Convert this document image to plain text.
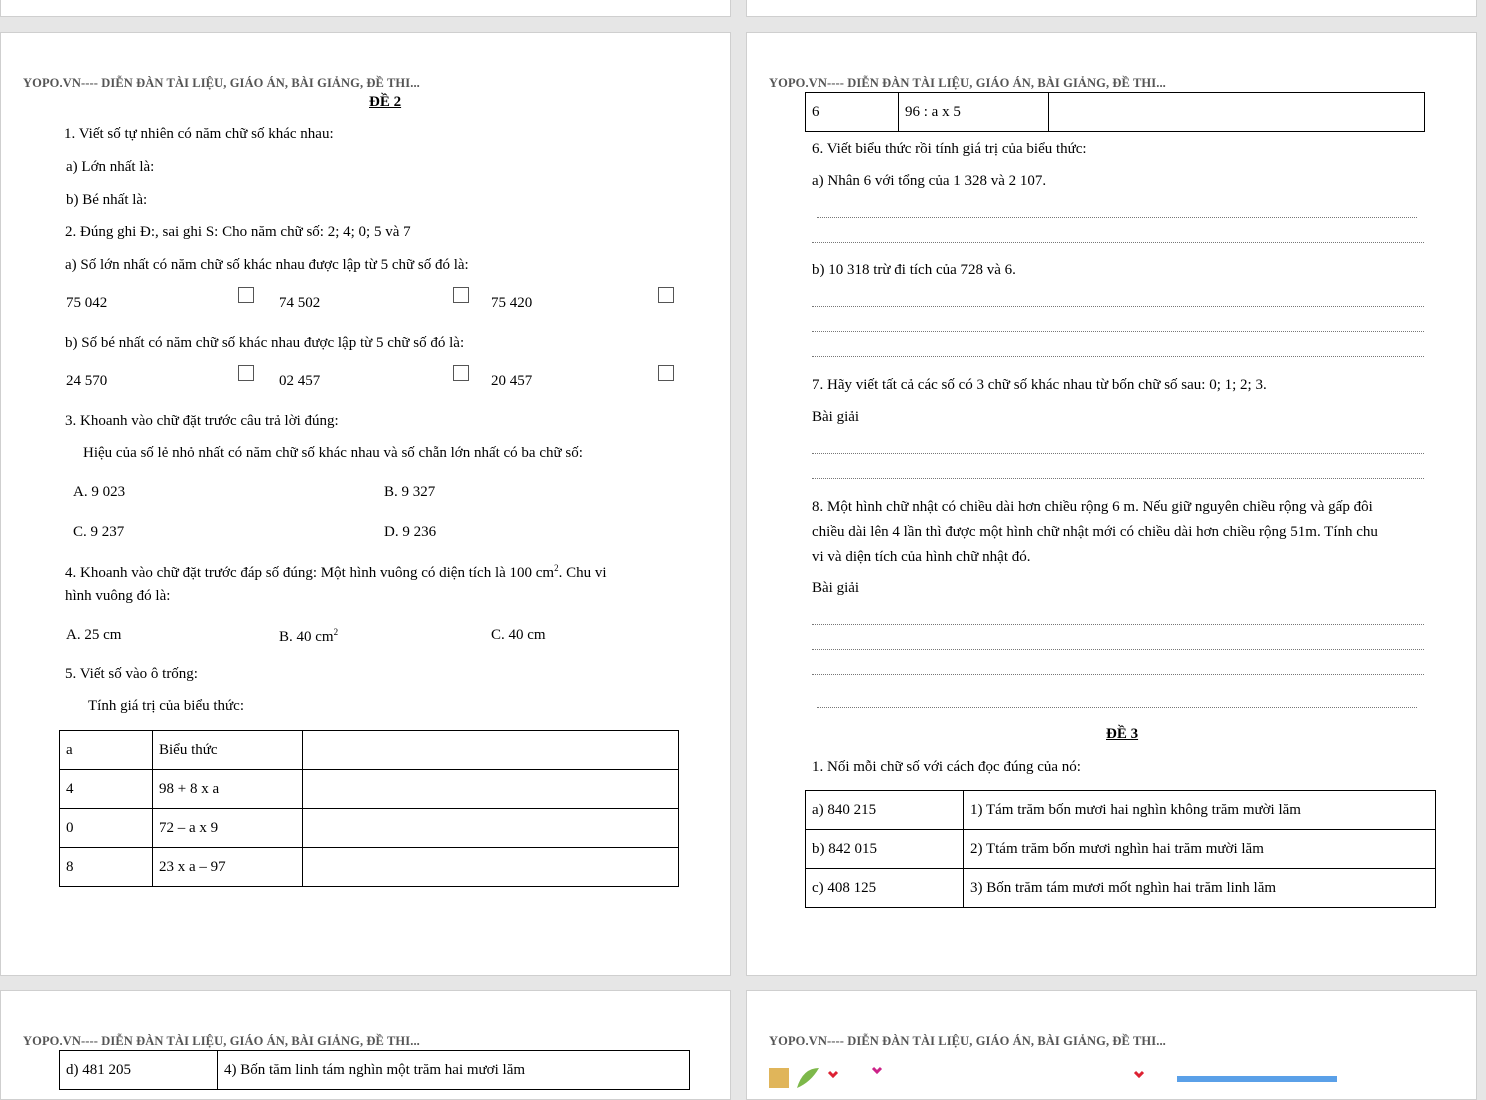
YOPO.VN---- DIỄN ĐÀN TÀI LIỆU, GIÁO ÁN, BÀI GIẢNG, ĐỀ THI...
ĐỀ 2
1. Viết số tự nhiên có năm chữ số khác nhau:
a) Lớn nhất là:
b) Bé nhất là:
2. Đúng ghi Đ:, sai ghi S: Cho năm chữ số: 2; 4; 0; 5 và 7
a) Số lớn nhất có năm chữ số khác nhau được lập từ 5 chữ số đó là:
75 042	74 502	75 420
b) Số bé nhất có năm chữ số khác nhau được lập từ 5 chữ số đó là:
24 570	02 457	20 457
3. Khoanh vào chữ đặt trước câu trả lời đúng:
Hiệu của số lẻ nhỏ nhất có năm chữ số khác nhau và số chẵn lớn nhất có ba chữ số:
A. 9 023	B. 9 327
C. 9 237	D. 9 236
4. Khoanh vào chữ đặt trước đáp số đúng: Một hình vuông có diện tích là 100 $cm^2$. Chu vi
hình vuông đó là:
A. 25 cm	B. 40 $cm^2$	C. 40 cm
5. Viết số vào ô trống:
Tính giá trị của biểu thức:
a	Biểu thức	
4	98 + 8 x a	
0	72 – a x 9	
8	23 x a – 97	
YOPO.VN---- DIỄN ĐÀN TÀI LIỆU, GIÁO ÁN, BÀI GIẢNG, ĐỀ THI...
6	96 : a x 5	
6. Viết biểu thức rồi tính giá trị của biểu thức:
a) Nhân 6 với tổng của 1 328 và 2 107.
b) 10 318 trừ đi tích của 728 và 6.
7. Hãy viết tất cả các số có 3 chữ số khác nhau từ bốn chữ số sau: 0; 1; 2; 3.
Bài giải
8. Một hình chữ nhật có chiều dài hơn chiều rộng 6 m. Nếu giữ nguyên chiều rộng và gấp đôi
chiều dài lên 4 lần thì được một hình chữ nhật mới có chiều dài hơn chiều rộng 51m. Tính chu
vi và diện tích của hình chữ nhật đó.
Bài giải
ĐỀ 3
1. Nối mỗi chữ số với cách đọc đúng của nó:
a) 840 215	1) Tám trăm bốn mươi hai nghìn không trăm mười lăm
b) 842 015	2) Ttám trăm bốn mươi nghìn hai trăm mười lăm
c) 408 125	3) Bốn trăm tám mươi mốt nghìn hai trăm linh lăm
YOPO.VN---- DIỄN ĐÀN TÀI LIỆU, GIÁO ÁN, BÀI GIẢNG, ĐỀ THI...
d) 481 205	4) Bốn tăm linh tám nghìn một trăm hai mươi lăm
YOPO.VN---- DIỄN ĐÀN TÀI LIỆU, GIÁO ÁN, BÀI GIẢNG, ĐỀ THI...
